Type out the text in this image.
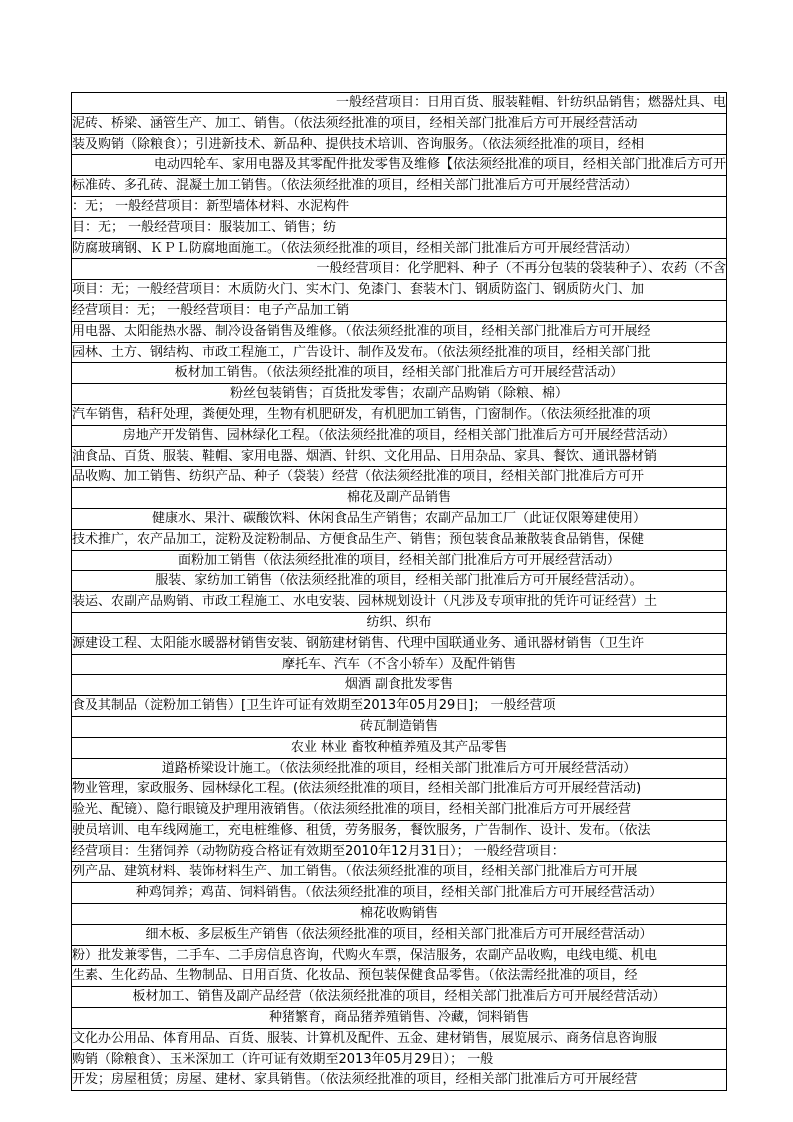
一般经营项目：日用百货、服装鞋帽、针纺织品销售；燃器灶具、电
泥砖、桥梁、涵管生产、加工、销售。（依法须经批准的项目，经相关部门批准后方可开展经营活动
装及购销（除粮食）；引进新技术、新品种、提供技术培训、咨询服务。（依法须经批准的项目，经相
电动四轮车、家用电器及其零配件批发零售及维修【依法须经批准的项目，经相关部门批准后方可开
标准砖、多孔砖、混凝土加工销售。（依法须经批准的项目，经相关部门批准后方可开展经营活动）
：无； 一般经营项目：新型墙体材料、水泥构件
目：无； 一般经营项目：服装加工、销售；纺
防腐玻璃钢、ＫＰＬ防腐地面施工。（依法须经批准的项目，经相关部门批准后方可开展经营活动）
一般经营项目：化学肥料、种子（不再分包装的袋装种子）、农药（不含
项目：无；一般经营项目：木质防火门、实木门、免漆门、套装木门、钢质防盗门、钢质防火门、加
经营项目：无； 一般经营项目：电子产品加工销
用电器、太阳能热水器、制冷设备销售及维修。（依法须经批准的项目，经相关部门批准后方可开展经
园林、土方、钢结构、市政工程施工，广告设计、制作及发布。（依法须经批准的项目，经相关部门批
板材加工销售。（依法须经批准的项目，经相关部门批准后方可开展经营活动）
粉丝包装销售；百货批发零售；农副产品购销（除粮、棉）
汽车销售，秸秆处理，粪便处理，生物有机肥研发，有机肥加工销售，门窗制作。（依法须经批准的项
房地产开发销售、园林绿化工程。（依法须经批准的项目，经相关部门批准后方可开展经营活动）
油食品、百货、服装、鞋帽、家用电器、烟酒、针织、文化用品、日用杂品、家具、餐饮、通讯器材销
品收购、加工销售、纺织产品、种子（袋装）经营（依法须经批准的项目，经相关部门批准后方可开
棉花及副产品销售
健康水、果汁、碳酸饮料、休闲食品生产销售；农副产品加工厂（此证仅限筹建使用）
技术推广，农产品加工，淀粉及淀粉制品、方便食品生产、销售；预包装食品兼散装食品销售，保健
面粉加工销售（依法须经批准的项目，经相关部门批准后方可开展经营活动）
服装、家纺加工销售（依法须经批准的项目，经相关部门批准后方可开展经营活动）。
装运、农副产品购销、市政工程施工、水电安装、园林规划设计（凡涉及专项审批的凭许可证经营）土
纺织、织布
源建设工程、太阳能水暖器材销售安装、钢筋建材销售、代理中国联通业务、通讯器材销售（卫生许
摩托车、汽车（不含小轿车）及配件销售
烟酒 副食批发零售
食及其制品（淀粉加工销售）[卫生许可证有效期至2013年05月29日]； 一般经营项
砖瓦制造销售
农业 林业 畜牧种植养殖及其产品零售
道路桥梁设计施工。（依法须经批准的项目，经相关部门批准后方可开展经营活动）
物业管理，家政服务、园林绿化工程。(依法须经批准的项目，经相关部门批准后方可开展经营活动)
验光、配镜）、隐行眼镜及护理用液销售。（依法须经批准的项目，经相关部门批准后方可开展经营
驶员培训、电车线网施工，充电桩维修、租赁，劳务服务，餐饮服务，广告制作、设计、发布。（依法
经营项目：生猪饲养（动物防疫合格证有效期至2010年12月31日）； 一般经营项目：
列产品、建筑材料、装饰材料生产、加工销售。（依法须经批准的项目，经相关部门批准后方可开展
种鸡饲养；鸡苗、饲料销售。（依法须经批准的项目，经相关部门批准后方可开展经营活动）
棉花收购销售
细木板、多层板生产销售（依法须经批准的项目，经相关部门批准后方可开展经营活动）
粉）批发兼零售，二手车、二手房信息咨询，代购火车票，保洁服务，农副产品收购，电线电缆、机电
生素、生化药品、生物制品、日用百货、化妆品、预包装保健食品零售。（依法需经批准的项目，经
板材加工、销售及副产品经营（依法须经批准的项目，经相关部门批准后方可开展经营活动）
种猪繁育，商品猪养殖销售、冷藏，饲料销售
文化办公用品、体育用品、百货、服装、计算机及配件、五金、建材销售，展览展示、商务信息咨询服
购销（除粮食）、玉米深加工（许可证有效期至2013年05月29日）； 一般
开发；房屋租赁；房屋、建材、家具销售。（依法须经批准的项目，经相关部门批准后方可开展经营
